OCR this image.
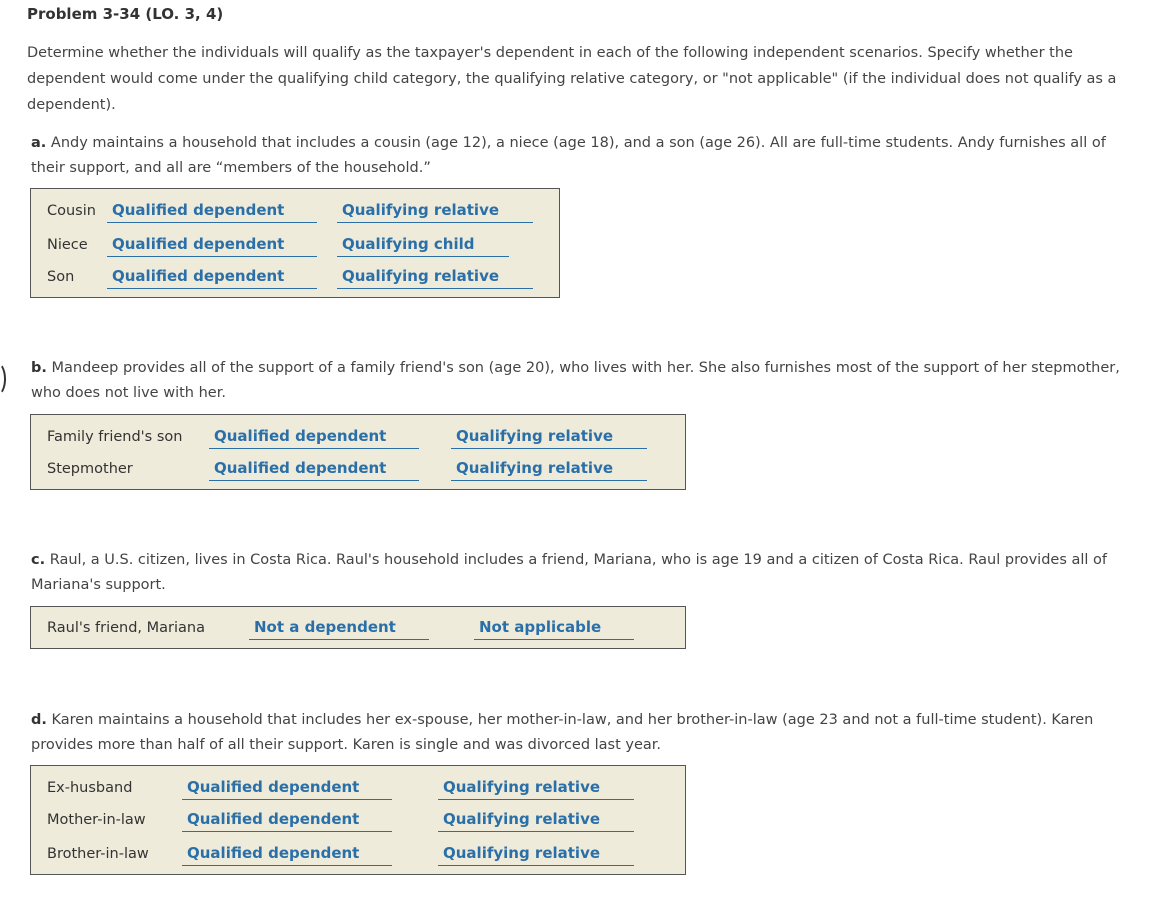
Problem 3-34 (LO. 3, 4)
Determine whether the individuals will qualify as the taxpayer's dependent in each of the following independent scenarios. Specify whether the dependent would come under the qualifying child category, the qualifying relative category, or "not applicable" (if the individual does not qualify as a dependent).
a. Andy maintains a household that includes a cousin (age 12), a niece (age 18), and a son (age 26). All are full-time students. Andy furnishes all of their support, and all are “members of the household.”
Cousin	Qualified dependent	Qualifying relative
Niece	Qualified dependent	Qualifying child
Son	Qualified dependent	Qualifying relative
b. Mandeep provides all of the support of a family friend's son (age 20), who lives with her. She also furnishes most of the support of her stepmother, who does not live with her.
Family friend's son	Qualified dependent	Qualifying relative
Stepmother	Qualified dependent	Qualifying relative
c. Raul, a U.S. citizen, lives in Costa Rica. Raul's household includes a friend, Mariana, who is age 19 and a citizen of Costa Rica. Raul provides all of Mariana's support.
Raul's friend, Mariana	Not a dependent	Not applicable
d. Karen maintains a household that includes her ex-spouse, her mother-in-law, and her brother-in-law (age 23 and not a full-time student). Karen provides more than half of all their support. Karen is single and was divorced last year.
Ex-husband	Qualified dependent	Qualifying relative
Mother-in-law	Qualified dependent	Qualifying relative
Brother-in-law	Qualified dependent	Qualifying relative
